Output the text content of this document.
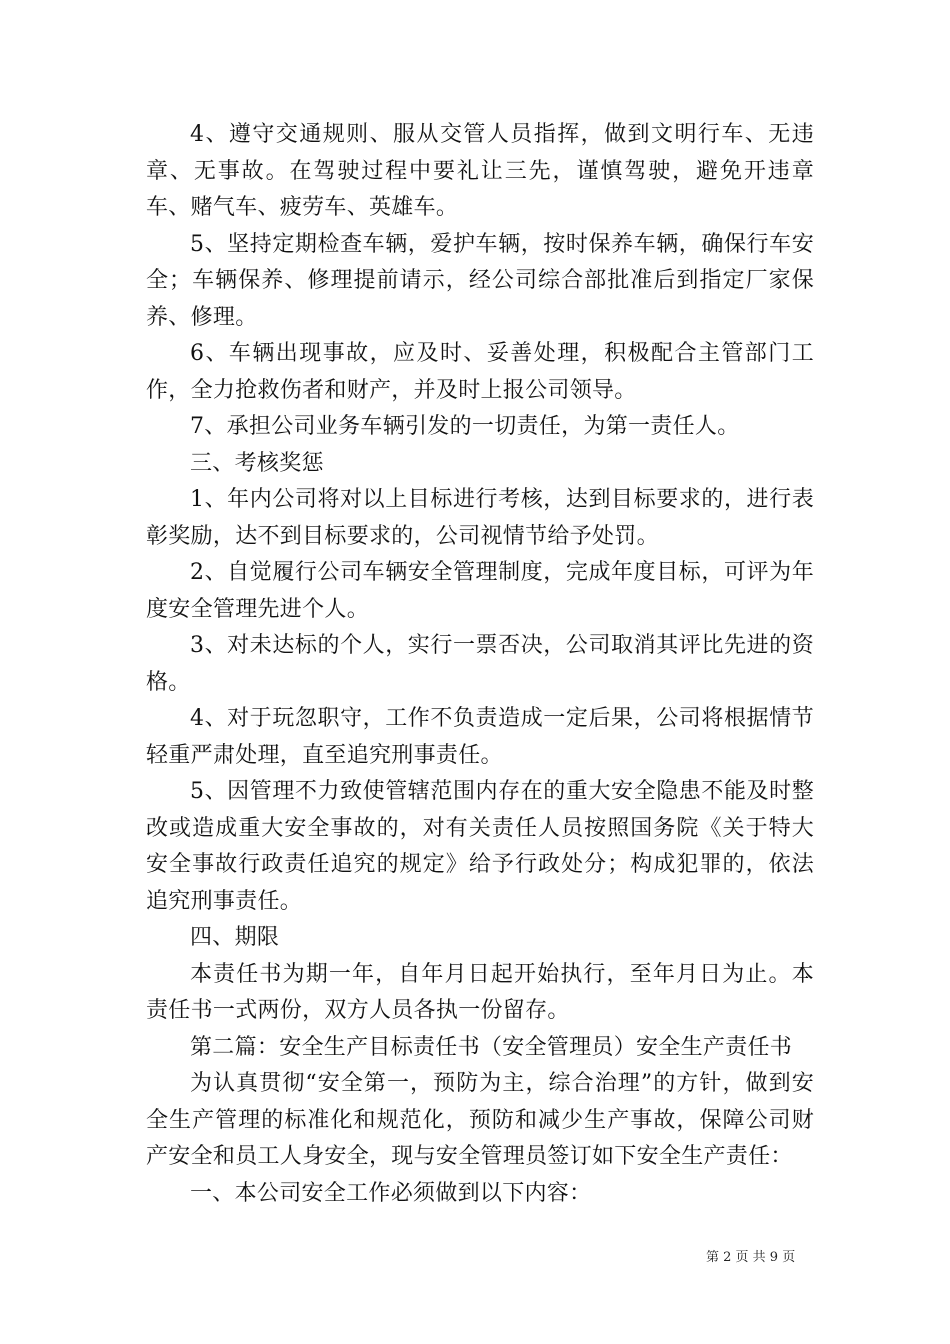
4、遵守交通规则、服从交管人员指挥，做到文明行车、无违章、无事故。在驾驶过程中要礼让三先，谨慎驾驶，避免开违章车、赌气车、疲劳车、英雄车。

5、坚持定期检查车辆，爱护车辆，按时保养车辆，确保行车安全；车辆保养、修理提前请示，经公司综合部批准后到指定厂家保养、修理。

6、车辆出现事故，应及时、妥善处理，积极配合主管部门工作，全力抢救伤者和财产，并及时上报公司领导。

7、承担公司业务车辆引发的一切责任，为第一责任人。

三、考核奖惩

1、年内公司将对以上目标进行考核，达到目标要求的，进行表彰奖励，达不到目标要求的，公司视情节给予处罚。

2、自觉履行公司车辆安全管理制度，完成年度目标，可评为年度安全管理先进个人。

3、对未达标的个人，实行一票否决，公司取消其评比先进的资格。

4、对于玩忽职守，工作不负责造成一定后果，公司将根据情节轻重严肃处理，直至追究刑事责任。

5、因管理不力致使管辖范围内存在的重大安全隐患不能及时整改或造成重大安全事故的，对有关责任人员按照国务院《关于特大安全事故行政责任追究的规定》给予行政处分；构成犯罪的，依法追究刑事责任。

四、期限

本责任书为期一年，自年月日起开始执行，至年月日为止。本责任书一式两份，双方人员各执一份留存。

第二篇：安全生产目标责任书（安全管理员）安全生产责任书

为认真贯彻“安全第一，预防为主，综合治理”的方针，做到安全生产管理的标准化和规范化，预防和减少生产事故，保障公司财产安全和员工人身安全，现与安全管理员签订如下安全生产责任：

一、本公司安全工作必须做到以下内容：

第 2 页 共 9 页
